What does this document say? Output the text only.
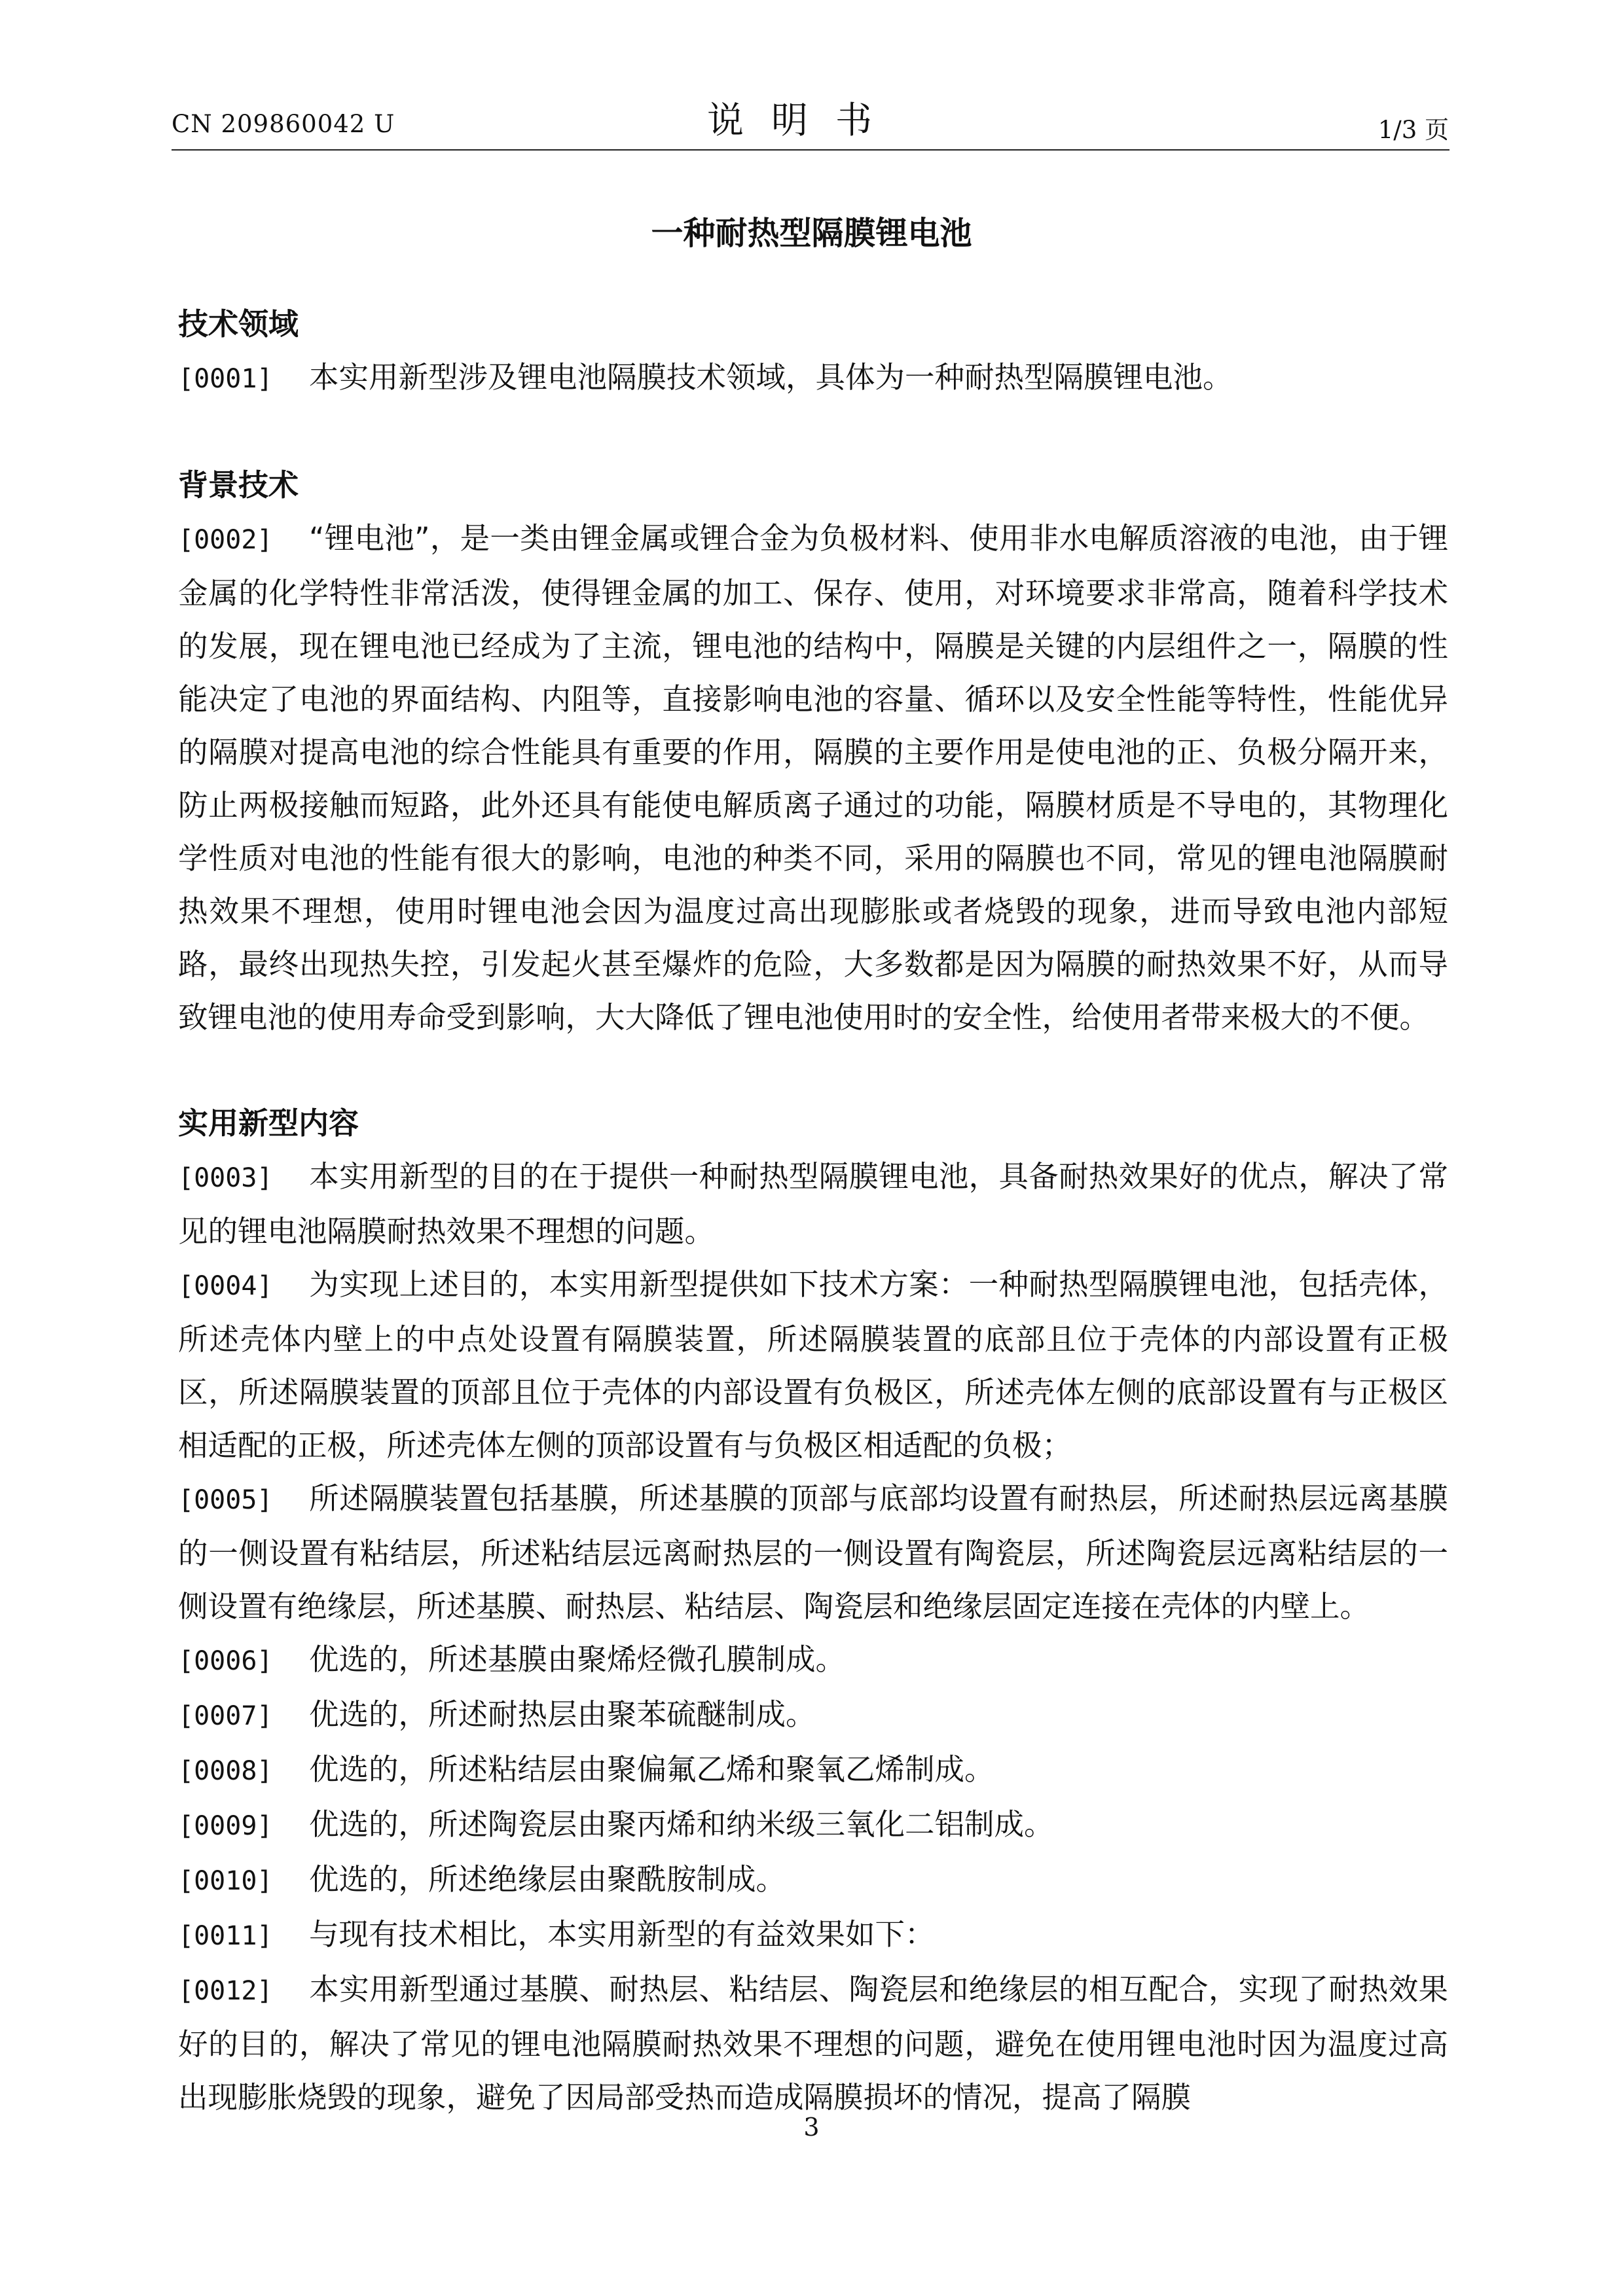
CN 209860042 U	说明书	1/3 页
一种耐热型隔膜锂电池
技术领域
[0001] 本实用新型涉及锂电池隔膜技术领域，具体为一种耐热型隔膜锂电池。
背景技术
[0002] “锂电池”，是一类由锂金属或锂合金为负极材料、使用非水电解质溶液的电池，由于锂金属的化学特性非常活泼，使得锂金属的加工、保存、使用，对环境要求非常高，随着科学技术的发展，现在锂电池已经成为了主流，锂电池的结构中，隔膜是关键的内层组件之一，隔膜的性能决定了电池的界面结构、内阻等，直接影响电池的容量、循环以及安全性能等特性，性能优异的隔膜对提高电池的综合性能具有重要的作用，隔膜的主要作用是使电池的正、负极分隔开来，防止两极接触而短路，此外还具有能使电解质离子通过的功能，隔膜材质是不导电的，其物理化学性质对电池的性能有很大的影响，电池的种类不同，采用的隔膜也不同，常见的锂电池隔膜耐热效果不理想，使用时锂电池会因为温度过高出现膨胀或者烧毁的现象，进而导致电池内部短路，最终出现热失控，引发起火甚至爆炸的危险，大多数都是因为隔膜的耐热效果不好，从而导致锂电池的使用寿命受到影响，大大降低了锂电池使用时的安全性，给使用者带来极大的不便。
实用新型内容
[0003] 本实用新型的目的在于提供一种耐热型隔膜锂电池，具备耐热效果好的优点，解决了常见的锂电池隔膜耐热效果不理想的问题。
[0004] 为实现上述目的，本实用新型提供如下技术方案：一种耐热型隔膜锂电池，包括壳体，所述壳体内壁上的中点处设置有隔膜装置，所述隔膜装置的底部且位于壳体的内部设置有正极区，所述隔膜装置的顶部且位于壳体的内部设置有负极区，所述壳体左侧的底部设置有与正极区相适配的正极，所述壳体左侧的顶部设置有与负极区相适配的负极；
[0005] 所述隔膜装置包括基膜，所述基膜的顶部与底部均设置有耐热层，所述耐热层远离基膜的一侧设置有粘结层，所述粘结层远离耐热层的一侧设置有陶瓷层，所述陶瓷层远离粘结层的一侧设置有绝缘层，所述基膜、耐热层、粘结层、陶瓷层和绝缘层固定连接在壳体的内壁上。
[0006] 优选的，所述基膜由聚烯烃微孔膜制成。
[0007] 优选的，所述耐热层由聚苯硫醚制成。
[0008] 优选的，所述粘结层由聚偏氟乙烯和聚氧乙烯制成。
[0009] 优选的，所述陶瓷层由聚丙烯和纳米级三氧化二铝制成。
[0010] 优选的，所述绝缘层由聚酰胺制成。
[0011] 与现有技术相比，本实用新型的有益效果如下：
[0012] 本实用新型通过基膜、耐热层、粘结层、陶瓷层和绝缘层的相互配合，实现了耐热效果好的目的，解决了常见的锂电池隔膜耐热效果不理想的问题，避免在使用锂电池时因为温度过高出现膨胀烧毁的现象，避免了因局部受热而造成隔膜损坏的情况，提高了隔膜
3
